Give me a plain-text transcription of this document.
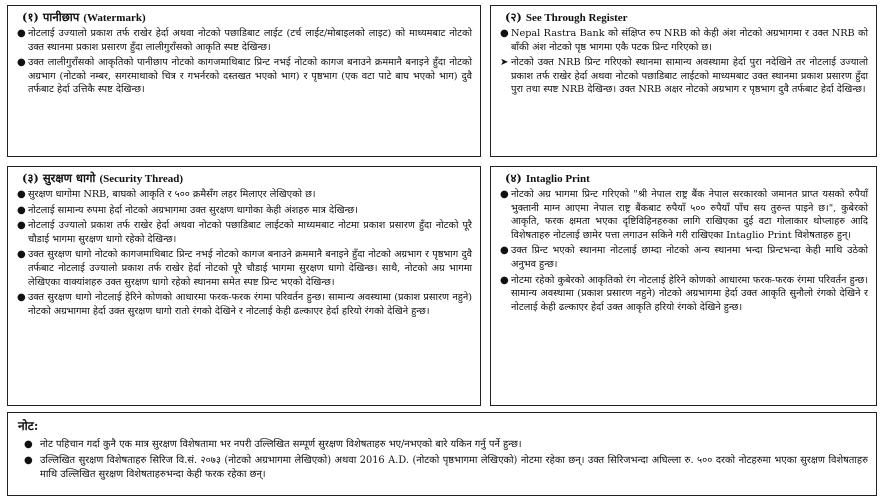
(१) पानीछाप (Watermark)
● नोटलाई उज्यालो प्रकाश तर्फ राखेर हेर्दा अथवा नोटको पछाडिबाट लाईट (टर्च लाईट/मोबाइलको लाइट) को माध्यमबाट नोटको उक्त स्थानमा प्रकाश प्रसारण हुँदा लालीगुराँसको आकृति स्पष्ट देखिन्छ।
● उक्त लालीगुराँसको आकृतिको पानीछाप नोटको कागजमाथिबाट प्रिन्ट नभई नोटको कागज बनाउने क्रममानै बनाइने हुँदा नोटको अग्रभाग (नोटको नम्बर, सगरमाथाको चित्र र गभर्नरको दस्तखत भएको भाग) र पृष्ठभाग (एक वटा पाटे बाघ भएको भाग) दुवै तर्फबाट हेर्दा उत्तिकै स्पष्ट देखिन्छ।
(२) See Through Register
● Nepal Rastra Bank को संक्षिप्त रुप NRB को केही अंश नोटको अग्रभागमा र उक्त NRB को बाँकी अंश नोटको पृष्ठ भागमा एकै पटक प्रिन्ट गरिएको छ।
➤ नोटको उक्त NRB प्रिन्ट गरिएको स्थानमा सामान्य अवस्थामा हेर्दा पुरा नदेखिने तर नोटलाई उज्यालो प्रकाश तर्फ राखेर हेर्दा अथवा नोटको पछाडिबाट लाईटको माध्यमबाट उक्त स्थानमा प्रकाश प्रसारण हुँदा पुरा तथा स्पष्ट NRB देखिन्छ। उक्त NRB अक्षर नोटको अग्रभाग र पृष्ठभाग दुवै तर्फबाट हेर्दा देखिन्छ।
(३) सुरक्षण धागो (Security Thread)
● सुरक्षण धागोमा NRB, बाघको आकृति र ५०० क्रमैसँग लहर मिलाएर लेखिएको छ।
● नोटलाई सामान्य रुपमा हेर्दा नोटको अग्रभागमा उक्त सुरक्षण धागोका केही अंशहरु मात्र देखिन्छ।
● नोटलाई उज्यालो प्रकाश तर्फ राखेर हेर्दा अथवा नोटको पछाडिबाट लाईटको माध्यमबाट नोटमा प्रकाश प्रसारण हुँदा नोटको पूरै चौडाई भागमा सुरक्षण धागो रहेको देखिन्छ।
● उक्त सुरक्षण धागो नोटको कागजमाथिबाट प्रिन्ट नभई नोटको कागज बनाउने क्रममानै बनाइने हुँदा नोटको अग्रभाग र पृष्ठभाग दुवै तर्फबाट नोटलाई उज्यालो प्रकाश तर्फ राखेर हेर्दा नोटको पूरै चौडाई भागमा सुरक्षण धागो देखिन्छ। साथै, नोटको अग्र भागमा लेखिएका वाक्यांशहरु उक्त सुरक्षण धागो रहेको स्थानमा समेत स्पष्ट प्रिन्ट भएको देखिन्छ।
● उक्त सुरक्षण धागो नोटलाई हेरिने कोणको आधारमा फरक-फरक रंगमा परिवर्तन हुन्छ। सामान्य अवस्थामा (प्रकाश प्रसारण नहुने) नोटको अग्रभागमा हेर्दा उक्त सुरक्षण धागो रातो रंगको देखिने र नोटलाई केही ढल्काएर हेर्दा हरियो रंगको देखिने हुन्छ।
(४) Intaglio Print
● नोटको अग्र भागमा प्रिन्ट गरिएको "श्री नेपाल राष्ट्र बैंक नेपाल सरकारको जमानत प्राप्त यसको रुपैयाँ भुक्तानी माग्न आएमा नेपाल राष्ट्र बैंकबाट रुपैयाँ ५०० रुपैयाँ पाँच सय तुरुन्त पाइने छ।", कुबेरको आकृति, फरक क्षमता भएका दृष्टिविहिनहरुका लागि राखिएका दुई वटा गोलाकार थोप्लाहरु आदि विशेषताहरु नोटलाई छामेर पत्ता लगाउन सकिने गरी राखिएका Intaglio Print विशेषताहरु हुन्।
● उक्त प्रिन्ट भएको स्थानमा नोटलाई छाम्दा नोटको अन्य स्थानमा भन्दा प्रिन्टभन्दा केही माथि उठेको अनुभव हुन्छ।
● नोटमा रहेको कुबेरको आकृतिको रंग नोटलाई हेरिने कोणको आधारमा फरक-फरक रंगमा परिवर्तन हुन्छ। सामान्य अवस्थामा (प्रकाश प्रसारण नहुने) नोटको अग्रभागमा हेर्दा उक्त आकृति सुनौलो रंगको देखिने र नोटलाई केही ढल्काएर हेर्दा उक्त आकृति हरियो रंगको देखिने हुन्छ।
नोट:
● नोट पहिचान गर्दा कुनै एक मात्र सुरक्षण विशेषतामा भर नपरी उल्लिखित सम्पूर्ण सुरक्षण विशेषताहरु भए/नभएको बारे यकिन गर्नु पर्ने हुन्छ।
● उल्लिखित सुरक्षण विशेषताहरु सिरिज वि.सं. २०७३ (नोटको अग्रभागमा लेखिएको) अथवा 2016 A.D. (नोटको पृष्ठभागमा लेखिएको) नोटमा रहेका छन्। उक्त सिरिजभन्दा अघिल्ला रु. ५०० दरको नोटहरुमा भएका सुरक्षण विशेषताहरु माथि उल्लिखित सुरक्षण विशेषताहरुभन्दा केही फरक रहेका छन्।
